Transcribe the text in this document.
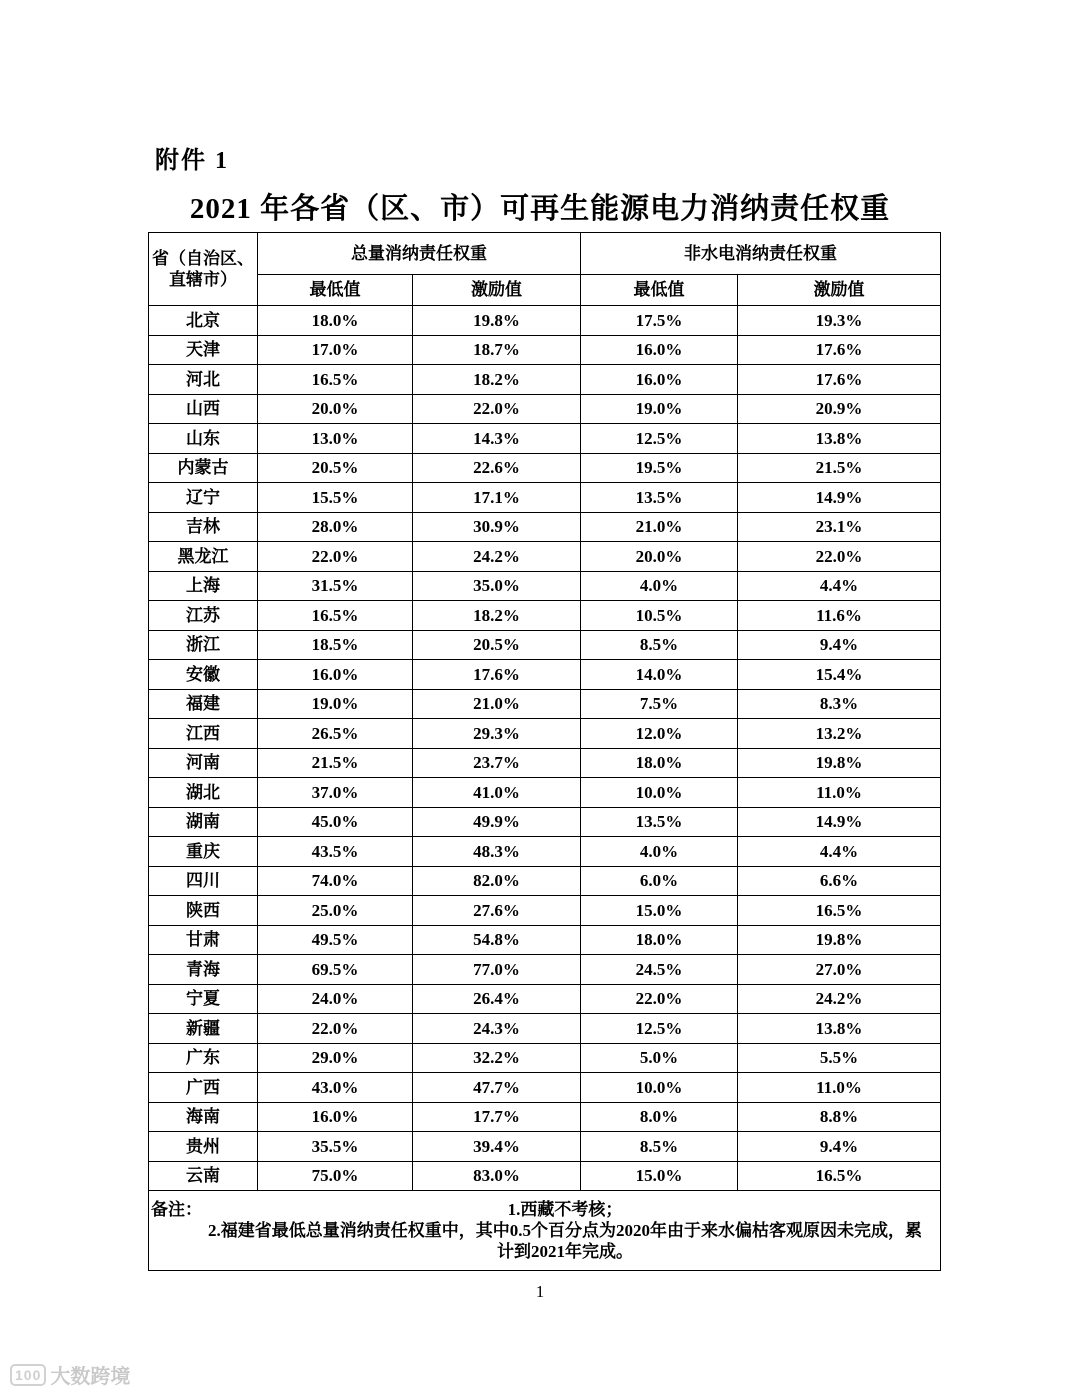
附件 1
2021 年各省（区、市）可再生能源电力消纳责任权重
省（自治区、直辖市）	总量消纳责任权重		非水电消纳责任权重	
	最低值	激励值	最低值	激励值
北京	18.0%	19.8%	17.5%	19.3%
天津	17.0%	18.7%	16.0%	17.6%
河北	16.5%	18.2%	16.0%	17.6%
山西	20.0%	22.0%	19.0%	20.9%
山东	13.0%	14.3%	12.5%	13.8%
内蒙古	20.5%	22.6%	19.5%	21.5%
辽宁	15.5%	17.1%	13.5%	14.9%
吉林	28.0%	30.9%	21.0%	23.1%
黑龙江	22.0%	24.2%	20.0%	22.0%
上海	31.5%	35.0%	4.0%	4.4%
江苏	16.5%	18.2%	10.5%	11.6%
浙江	18.5%	20.5%	8.5%	9.4%
安徽	16.0%	17.6%	14.0%	15.4%
福建	19.0%	21.0%	7.5%	8.3%
江西	26.5%	29.3%	12.0%	13.2%
河南	21.5%	23.7%	18.0%	19.8%
湖北	37.0%	41.0%	10.0%	11.0%
湖南	45.0%	49.9%	13.5%	14.9%
重庆	43.5%	48.3%	4.0%	4.4%
四川	74.0%	82.0%	6.0%	6.6%
陕西	25.0%	27.6%	15.0%	16.5%
甘肃	49.5%	54.8%	18.0%	19.8%
青海	69.5%	77.0%	24.5%	27.0%
宁夏	24.0%	26.4%	22.0%	24.2%
新疆	22.0%	24.3%	12.5%	13.8%
广东	29.0%	32.2%	5.0%	5.5%
广西	43.0%	47.7%	10.0%	11.0%
海南	16.0%	17.7%	8.0%	8.8%
贵州	35.5%	39.4%	8.5%	9.4%
云南	75.0%	83.0%	15.0%	16.5%

备注： 1.西藏不考核；
2.福建省最低总量消纳责任权重中，其中0.5个百分点为2020年由于来水偏枯客观原因未完成，累计到2021年完成。				
1
100 大数跨境
